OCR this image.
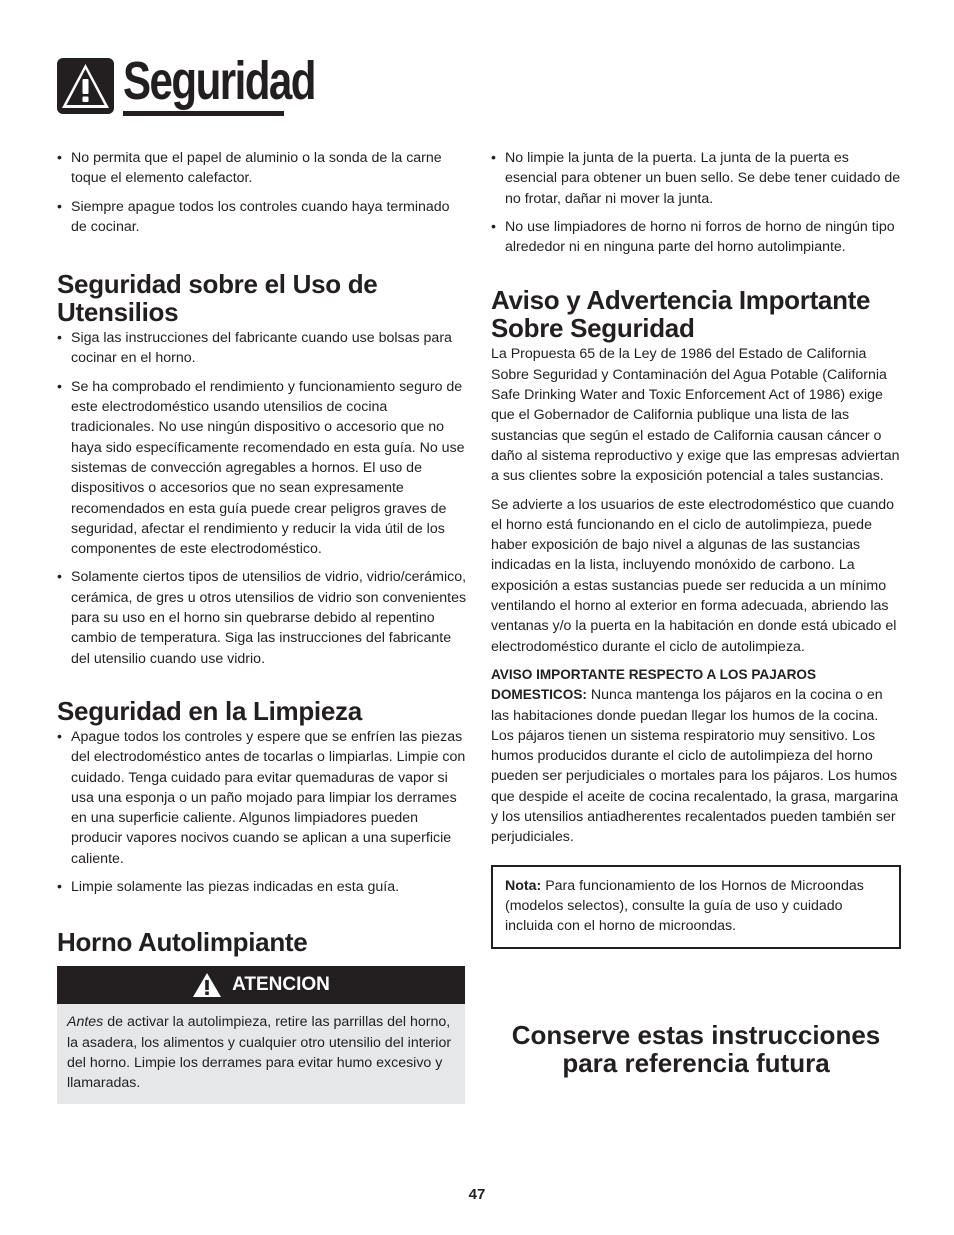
Seguridad
• No permita que el papel de aluminio o la sonda de la carne toque el elemento calefactor.
• Siempre apague todos los controles cuando haya terminado de cocinar.
Seguridad sobre el Uso de Utensilios
• Siga las instrucciones del fabricante cuando use bolsas para cocinar en el horno.
• Se ha comprobado el rendimiento y funcionamiento seguro de este electrodoméstico usando utensilios de cocina tradicionales. No use ningún dispositivo o accesorio que no haya sido específicamente recomendado en esta guía. No use sistemas de convección agregables a hornos. El uso de dispositivos o accesorios que no sean expresamente recomendados en esta guía puede crear peligros graves de seguridad, afectar el rendimiento y reducir la vida útil de los componentes de este electrodoméstico.
• Solamente ciertos tipos de utensilios de vidrio, vidrio/cerámico, cerámica, de gres u otros utensilios de vidrio son convenientes para su uso en el horno sin quebrarse debido al repentino cambio de temperatura. Siga las instrucciones del fabricante del utensilio cuando use vidrio.
Seguridad en la Limpieza
• Apague todos los controles y espere que se enfríen las piezas del electrodoméstico antes de tocarlas o limpiarlas. Limpie con cuidado. Tenga cuidado para evitar quemaduras de vapor si usa una esponja o un paño mojado para limpiar los derrames en una superficie caliente. Algunos limpiadores pueden producir vapores nocivos cuando se aplican a una superficie caliente.
• Limpie solamente las piezas indicadas en esta guía.
Horno Autolimpiante
ATENCION
Antes de activar la autolimpieza, retire las parrillas del horno, la asadera, los alimentos y cualquier otro utensilio del interior del horno. Limpie los derrames para evitar humo excesivo y llamaradas.
• No limpie la junta de la puerta. La junta de la puerta es esencial para obtener un buen sello. Se debe tener cuidado de no frotar, dañar ni mover la junta.
• No use limpiadores de horno ni forros de horno de ningún tipo alrededor ni en ninguna parte del horno autolimpiante.
Aviso y Advertencia Importante Sobre Seguridad

La Propuesta 65 de la Ley de 1986 del Estado de California Sobre Seguridad y Contaminación del Agua Potable (California Safe Drinking Water and Toxic Enforcement Act of 1986) exige que el Gobernador de California publique una lista de las sustancias que según el estado de California causan cáncer o daño al sistema reproductivo y exige que las empresas adviertan a sus clientes sobre la exposición potencial a tales sustancias.

Se advierte a los usuarios de este electrodoméstico que cuando el horno está funcionando en el ciclo de autolimpieza, puede haber exposición de bajo nivel a algunas de las sustancias indicadas en la lista, incluyendo monóxido de carbono. La exposición a estas sustancias puede ser reducida a un mínimo ventilando el horno al exterior en forma adecuada, abriendo las ventanas y/o la puerta en la habitación en donde está ubicado el electrodoméstico durante el ciclo de autolimpieza.

AVISO IMPORTANTE RESPECTO A LOS PAJAROS DOMESTICOS: Nunca mantenga los pájaros en la cocina o en las habitaciones donde puedan llegar los humos de la cocina. Los pájaros tienen un sistema respiratorio muy sensitivo. Los humos producidos durante el ciclo de autolimpieza del horno pueden ser perjudiciales o mortales para los pájaros. Los humos que despide el aceite de cocina recalentado, la grasa, margarina y los utensilios antiadherentes recalentados pueden también ser perjudiciales.

Nota: Para funcionamiento de los Hornos de Microondas (modelos selectos), consulte la guía de uso y cuidado incluida con el horno de microondas.
Conserve estas instrucciones
para referencia futura
47
